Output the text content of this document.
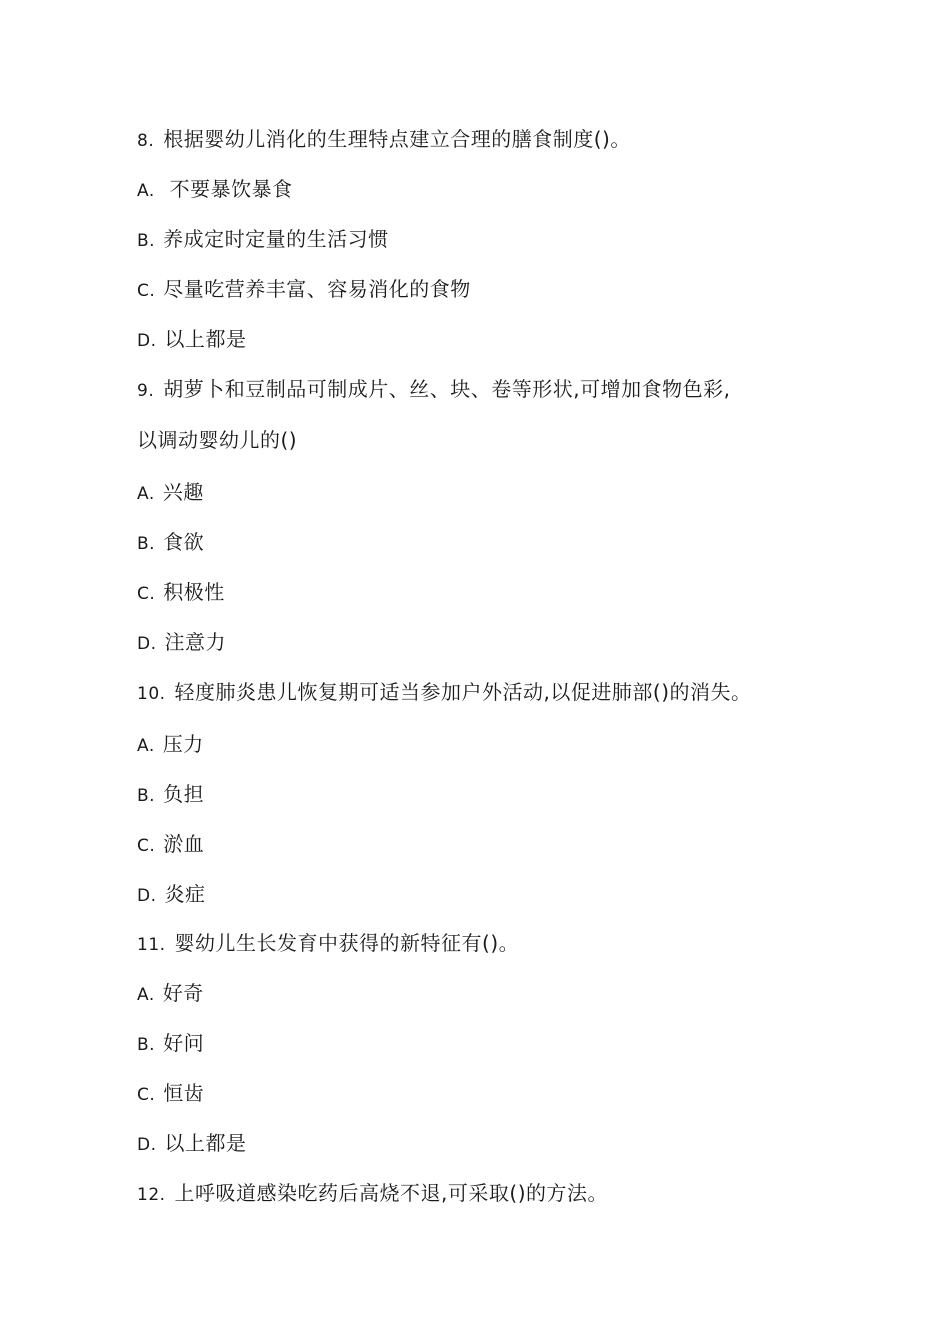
8. 根据婴幼儿消化的生理特点建立合理的膳食制度()。
A. 不要暴饮暴食
B. 养成定时定量的生活习惯
C. 尽量吃营养丰富、容易消化的食物
D. 以上都是
9. 胡萝卜和豆制品可制成片、丝、块、卷等形状,可增加食物色彩,
以调动婴幼儿的()
A. 兴趣
B. 食欲
C. 积极性
D. 注意力
10. 轻度肺炎患儿恢复期可适当参加户外活动,以促进肺部()的消失。
A. 压力
B. 负担
C. 淤血
D. 炎症
11. 婴幼儿生长发育中获得的新特征有()。
A. 好奇
B. 好问
C. 恒齿
D. 以上都是
12. 上呼吸道感染吃药后高烧不退,可采取()的方法。
